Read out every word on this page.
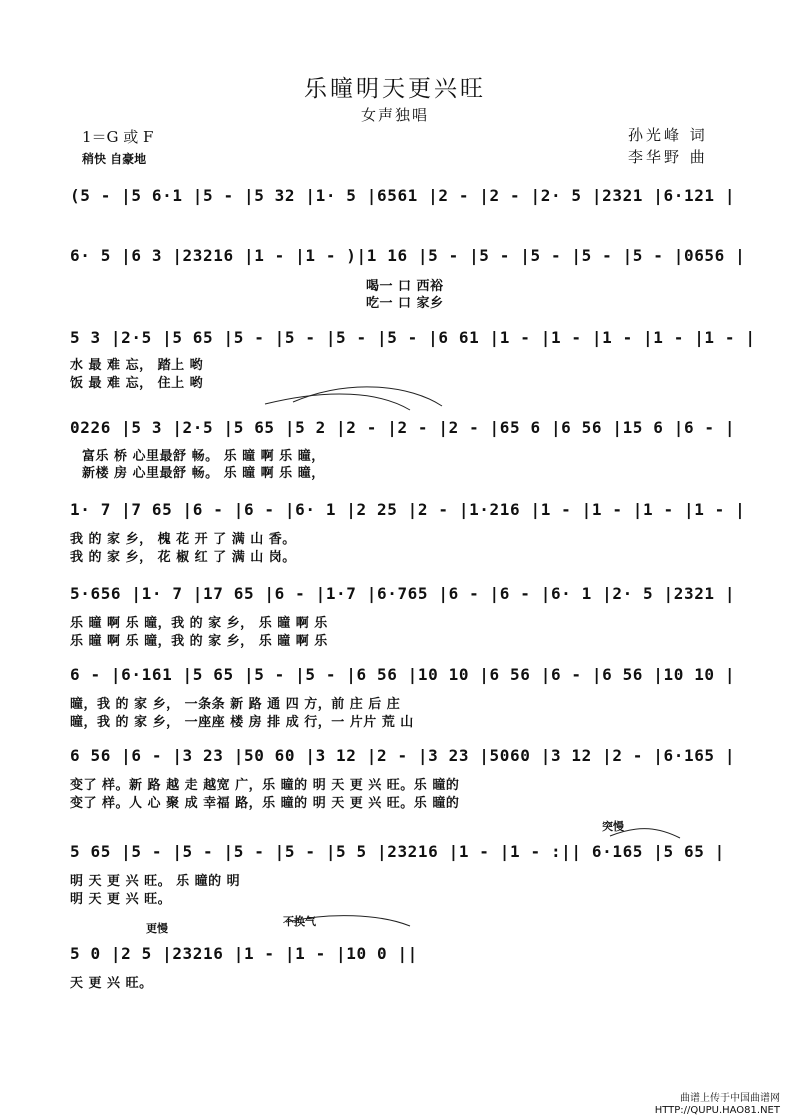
乐曈明天更兴旺
女声独唱
1＝G 或 F
稍快 自豪地
孙光峰 词
李华野 曲
(5 - |5 6·1 |5 - |5 32 |1· 5 |6561 |2 - |2 - |2· 5 |2321 |6·121 |
6· 5 |6 3 |23216 |1 - |1 - )|1 16 |5 - |5 - |5 - |5 - |5 - |0656 |
喝一 口 西裕
吃一 口 家乡
5 3 |2·5 |5 65 |5 - |5 - |5 - |5 - |6 61 |1 - |1 - |1 - |1 - |1 - |
水 最 难 忘， 踏上 哟
饭 最 难 忘， 住上 哟
0226 |5 3 |2·5 |5 65 |5 2 |2 - |2 - |2 - |65 6 |6 56 |15 6 |6 - |
富乐 桥 心里最舒 畅。 乐 曈 啊 乐 曈，
新楼 房 心里最舒 畅。 乐 曈 啊 乐 曈，
1· 7 |7 65 |6 - |6 - |6· 1 |2 25 |2 - |1·216 |1 - |1 - |1 - |1 - |
我 的 家 乡， 槐 花 开 了 满 山 香。
我 的 家 乡， 花 椒 红 了 满 山 岗。
5·656 |1· 7 |17 65 |6 - |1·7 |6·765 |6 - |6 - |6· 1 |2· 5 |2321 |
乐 曈 啊 乐 曈，我 的 家 乡， 乐 曈 啊 乐
乐 曈 啊 乐 曈，我 的 家 乡， 乐 曈 啊 乐
6 - |6·161 |5 65 |5 - |5 - |6 56 |10 10 |6 56 |6 - |6 56 |10 10 |
曈，我 的 家 乡， 一条条 新 路 通 四 方，前 庄 后 庄
曈，我 的 家 乡， 一座座 楼 房 排 成 行，一 片片 荒 山
6 56 |6 - |3 23 |50 60 |3 12 |2 - |3 23 |5060 |3 12 |2 - |6·165 |
变了 样。新 路 越 走 越宽 广，乐 曈的 明 天 更 兴 旺。乐 曈的
变了 样。人 心 聚 成 幸福 路，乐 曈的 明 天 更 兴 旺。乐 曈的
突慢
5 65 |5 - |5 - |5 - |5 - |5 5 |23216 |1 - |1 - :|| 6·165 |5 65 |
明 天 更 兴 旺。 乐 曈的 明
明 天 更 兴 旺。
更慢
不换气
5 0 |2 5 |23216 |1 - |1 - |10 0 ||
天 更 兴 旺。
曲谱上传于中国曲谱网
HTTP://QUPU.HAO81.NET
